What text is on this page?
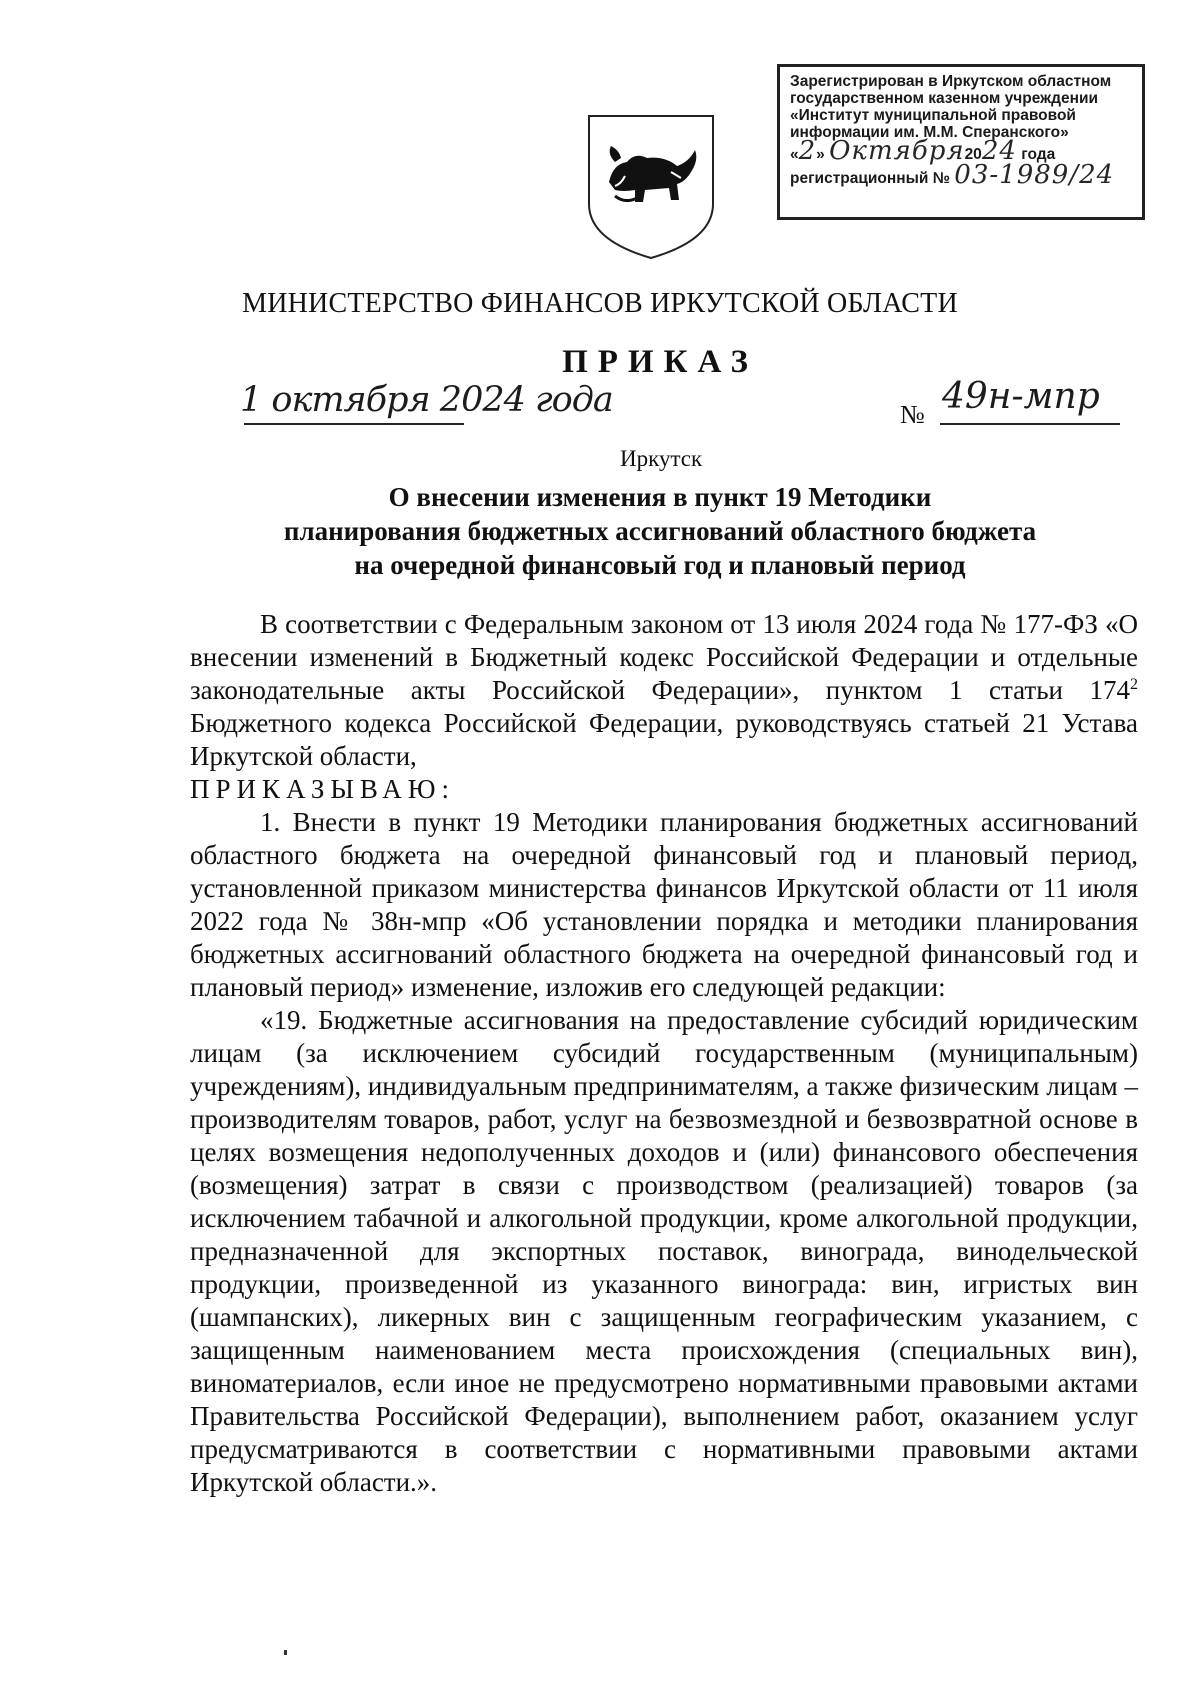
Зарегистрирован в Иркутском областном
государственном казенном учреждении
«Институт муниципальной правовой
информации им. М.М. Сперанского»
«2» Октября2024 года
регистрационный № 03-1989/24
МИНИСТЕРСТВО ФИНАНСОВ ИРКУТСКОЙ ОБЛАСТИ
ПРИКАЗ
1 октября 2024 года	№ 49н-мпр
Иркутск
О внесении изменения в пункт 19 Методики
планирования бюджетных ассигнований областного бюджета
на очередной финансовый год и плановый период

В соответствии с Федеральным законом от 13 июля 2024 года № 177-ФЗ «О внесении изменений в Бюджетный кодекс Российской Федерации и отдельные законодательные акты Российской Федерации», пунктом 1 статьи $174^2$ Бюджетного кодекса Российской Федерации, руководствуясь статьей 21 Устава Иркутской области,

ПРИКАЗЫВАЮ:

1. Внести в пункт 19 Методики планирования бюджетных ассигнований областного бюджета на очередной финансовый год и плановый период, установленной приказом министерства финансов Иркутской области от 11 июля 2022 года № 38н-мпр «Об установлении порядка и методики планирования бюджетных ассигнований областного бюджета на очередной финансовый год и плановый период» изменение, изложив его следующей редакции:

«19. Бюджетные ассигнования на предоставление субсидий юридическим лицам (за исключением субсидий государственным (муниципальным) учреждениям), индивидуальным предпринимателям, а также физическим лицам – производителям товаров, работ, услуг на безвозмездной и безвозвратной основе в целях возмещения недополученных доходов и (или) финансового обеспечения (возмещения) затрат в связи с производством (реализацией) товаров (за исключением табачной и алкогольной продукции, кроме алкогольной продукции, предназначенной для экспортных поставок, винограда, винодельческой продукции, произведенной из указанного винограда: вин, игристых вин (шампанских), ликерных вин с защищенным географическим указанием, с защищенным наименованием места происхождения (специальных вин), виноматериалов, если иное не предусмотрено нормативными правовыми актами Правительства Российской Федерации), выполнением работ, оказанием услуг предусматриваются в соответствии с нормативными правовыми актами Иркутской области.».
